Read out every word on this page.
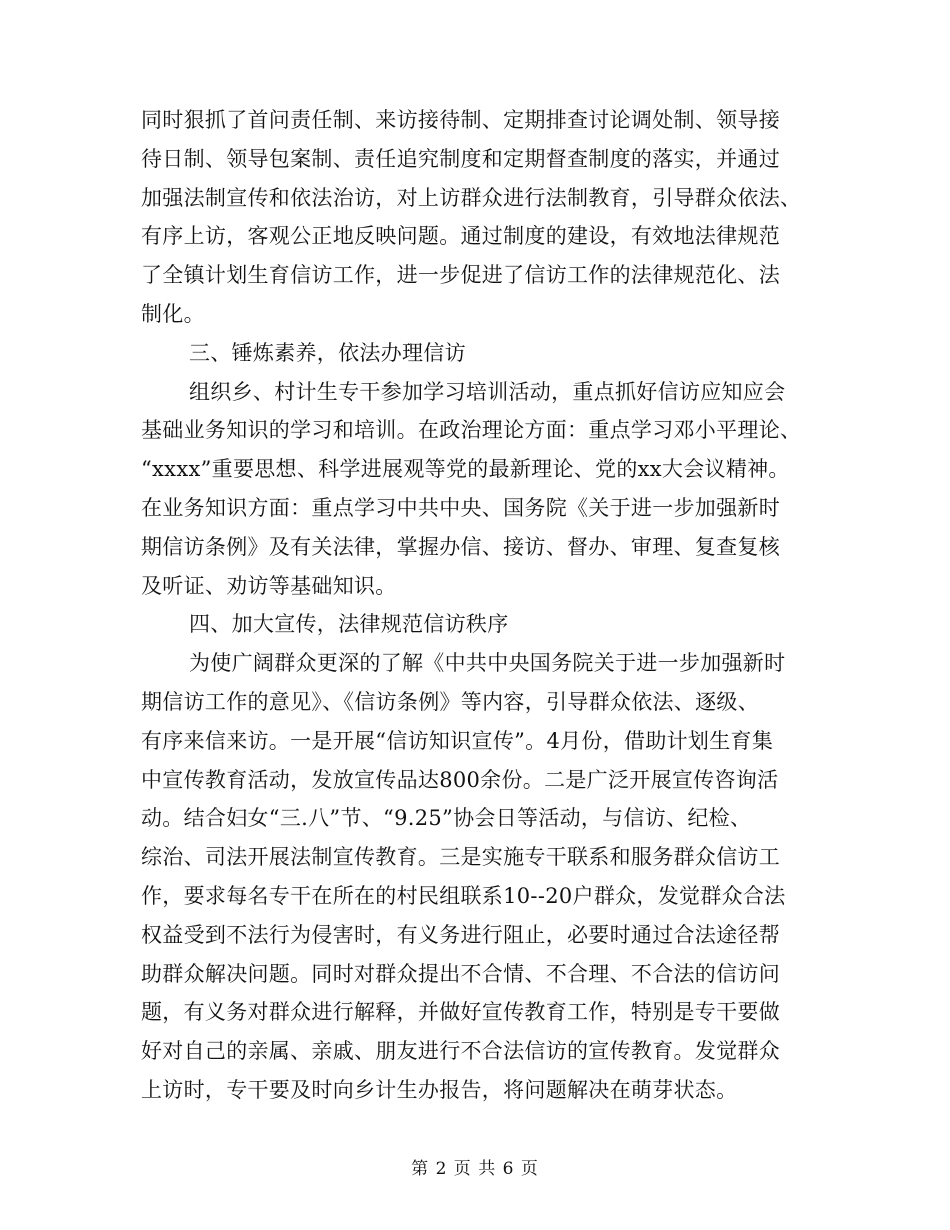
同时狠抓了首问责任制、来访接待制、定期排查讨论调处制、领导接
待日制、领导包案制、责任追究制度和定期督查制度的落实，并通过
加强法制宣传和依法治访，对上访群众进行法制教育，引导群众依法、
有序上访，客观公正地反映问题。通过制度的建设，有效地法律规范
了全镇计划生育信访工作，进一步促进了信访工作的法律规范化、法
制化。
三、锤炼素养，依法办理信访
组织乡、村计生专干参加学习培训活动，重点抓好信访应知应会
基础业务知识的学习和培训。在政治理论方面：重点学习邓小平理论、
“xxxx”重要思想、科学进展观等党的最新理论、党的xx大会议精神。
在业务知识方面：重点学习中共中央、国务院《关于进一步加强新时
期信访条例》及有关法律，掌握办信、接访、督办、审理、复查复核
及听证、劝访等基础知识。
四、加大宣传，法律规范信访秩序
为使广阔群众更深的了解《中共中央国务院关于进一步加强新时
期信访工作的意见》、《信访条例》等内容，引导群众依法、逐级、
有序来信来访。一是开展“信访知识宣传”。4月份，借助计划生育集
中宣传教育活动，发放宣传品达800余份。二是广泛开展宣传咨询活
动。结合妇女“三.八”节、“9.25”协会日等活动，与信访、纪检、
综治、司法开展法制宣传教育。三是实施专干联系和服务群众信访工
作，要求每名专干在所在的村民组联系10--20户群众，发觉群众合法
权益受到不法行为侵害时，有义务进行阻止，必要时通过合法途径帮
助群众解决问题。同时对群众提出不合情、不合理、不合法的信访问
题，有义务对群众进行解释，并做好宣传教育工作，特别是专干要做
好对自己的亲属、亲戚、朋友进行不合法信访的宣传教育。发觉群众
上访时，专干要及时向乡计生办报告，将问题解决在萌芽状态。
第 2 页 共 6 页
